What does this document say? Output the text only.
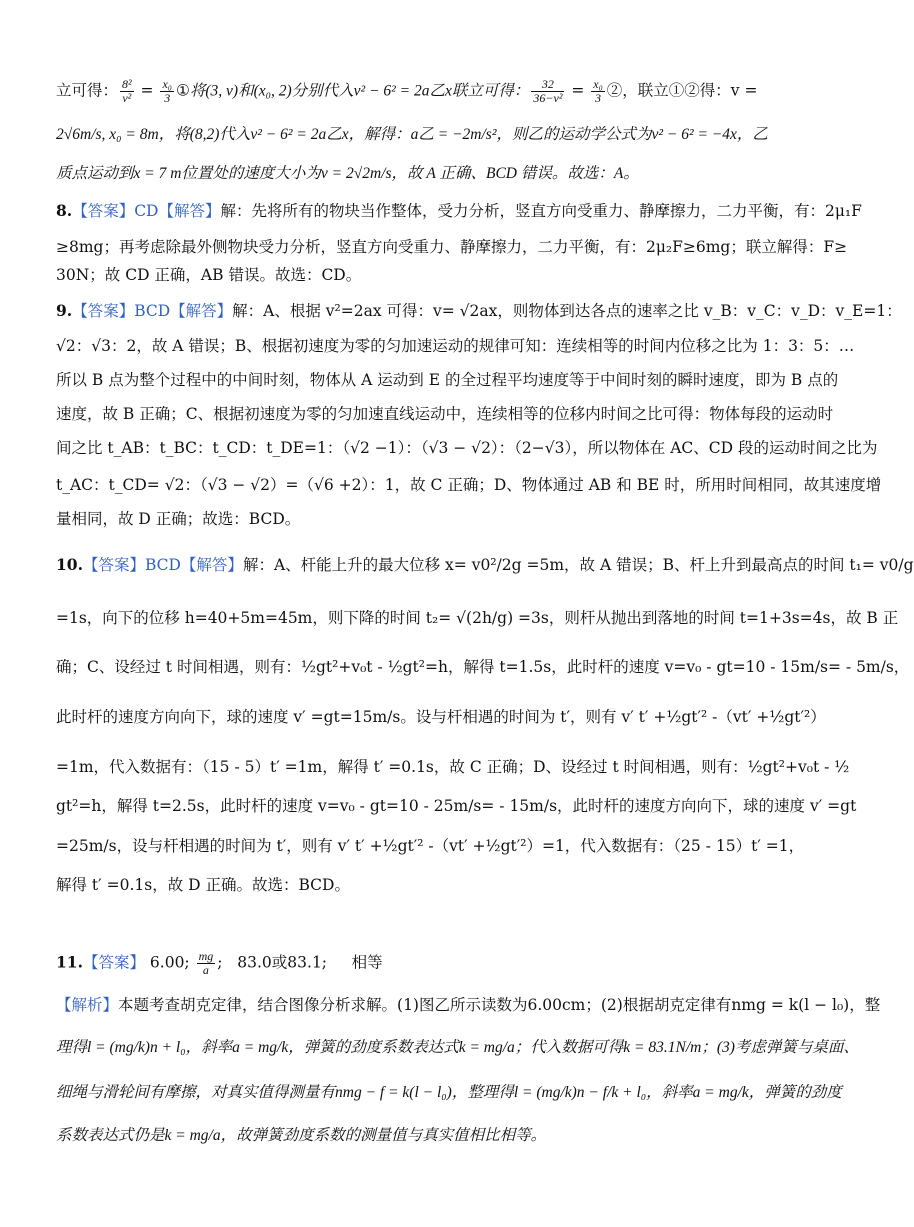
立可得： $\frac{\text{8²}}{\text{v²}} = \frac{\text{x₀}}{3}$ ①将(3, v)和(x₀, 2)分别代入v² − 6² = 2a乙x联立可得： $\frac{32}{\text{36−v²}} = \frac{\text{x₀}}{3}$ ②，联立①②得：v =
2√6m/s, x₀ = 8m，将(8,2)代入v² − 6² = 2a乙x，解得：a乙 = −2m/s²，则乙的运动学公式为v² − 6² = −4x，乙
质点运动到x = 7 m位置处的速度大小为v = 2√2m/s，故 A 正确、BCD 错误。故选：A。
8.【答案】CD【解答】解：先将所有的物块当作整体，受力分析，竖直方向受重力、静摩擦力，二力平衡，有：2μ₁F
≥8mg；再考虑除最外侧物块受力分析，竖直方向受重力、静摩擦力，二力平衡，有：2μ₂F≥6mg；联立解得：F≥
30N；故 CD 正确，AB 错误。故选：CD。
9.【答案】BCD【解答】解：A、根据 v²=2ax 可得：v= √2ax，则物体到达各点的速率之比 v_B：v_C：v_D：v_E=1：
√2：√3：2，故 A 错误；B、根据初速度为零的匀加速运动的规律可知：连续相等的时间内位移之比为 1：3：5：…
所以 B 点为整个过程中的中间时刻，物体从 A 运动到 E 的全过程平均速度等于中间时刻的瞬时速度，即为 B 点的
速度，故 B 正确；C、根据初速度为零的匀加速直线运动中，连续相等的位移内时间之比可得：物体每段的运动时
间之比 t_AB：t_BC：t_CD：t_DE=1：（√2 −1）：（√3 − √2）：（2−√3），所以物体在 AC、CD 段的运动时间之比为
t_AC：t_CD= √2：（√3 − √2）=（√6 +2）：1，故 C 正确；D、物体通过 AB 和 BE 时，所用时间相同，故其速度增
量相同，故 D 正确；故选：BCD。
10.【答案】BCD【解答】解：A、杆能上升的最大位移 x= v0²/2g =5m，故 A 错误；B、杆上升到最高点的时间 t₁= v0/g
=1s，向下的位移 h=40+5m=45m，则下降的时间 t₂= √(2h/g) =3s，则杆从抛出到落地的时间 t=1+3s=4s，故 B 正
确；C、设经过 t 时间相遇，则有：½gt²+v₀t - ½gt²=h，解得 t=1.5s，此时杆的速度 v=v₀ - gt=10 - 15m/s= - 5m/s，
此时杆的速度方向向下，球的速度 v′ =gt=15m/s。设与杆相遇的时间为 t′，则有 v′ t′ +½gt′² -（vt′ +½gt′²）
=1m，代入数据有：（15 - 5）t′ =1m，解得 t′ =0.1s，故 C 正确；D、设经过 t 时间相遇，则有：½gt²+v₀t - ½
gt²=h，解得 t=2.5s，此时杆的速度 v=v₀ - gt=10 - 25m/s= - 15m/s，此时杆的速度方向向下，球的速度 v′ =gt
=25m/s，设与杆相遇的时间为 t′，则有 v′ t′ +½gt′² -（vt′ +½gt′²）=1，代入数据有：（25 - 15）t′ =1，
解得 t′ =0.1s，故 D 正确。故选：BCD。
11.【答案】 6.00; $\frac{mg}{a}$ ; 83.0或83.1; 相等
【解析】本题考查胡克定律，结合图像分析求解。(1)图乙所示读数为6.00cm；(2)根据胡克定律有nmg = k(l − l₀)，整
理得l = (mg/k)n + l₀，斜率a = mg/k，弹簧的劲度系数表达式k = mg/a；代入数据可得k = 83.1N/m；(3)考虑弹簧与桌面、
细绳与滑轮间有摩擦，对真实值得测量有nmg − f = k(l − l₀)，整理得l = (mg/k)n − f/k + l₀，斜率a = mg/k，弹簧的劲度
系数表达式仍是k = mg/a，故弹簧劲度系数的测量值与真实值相比相等。
